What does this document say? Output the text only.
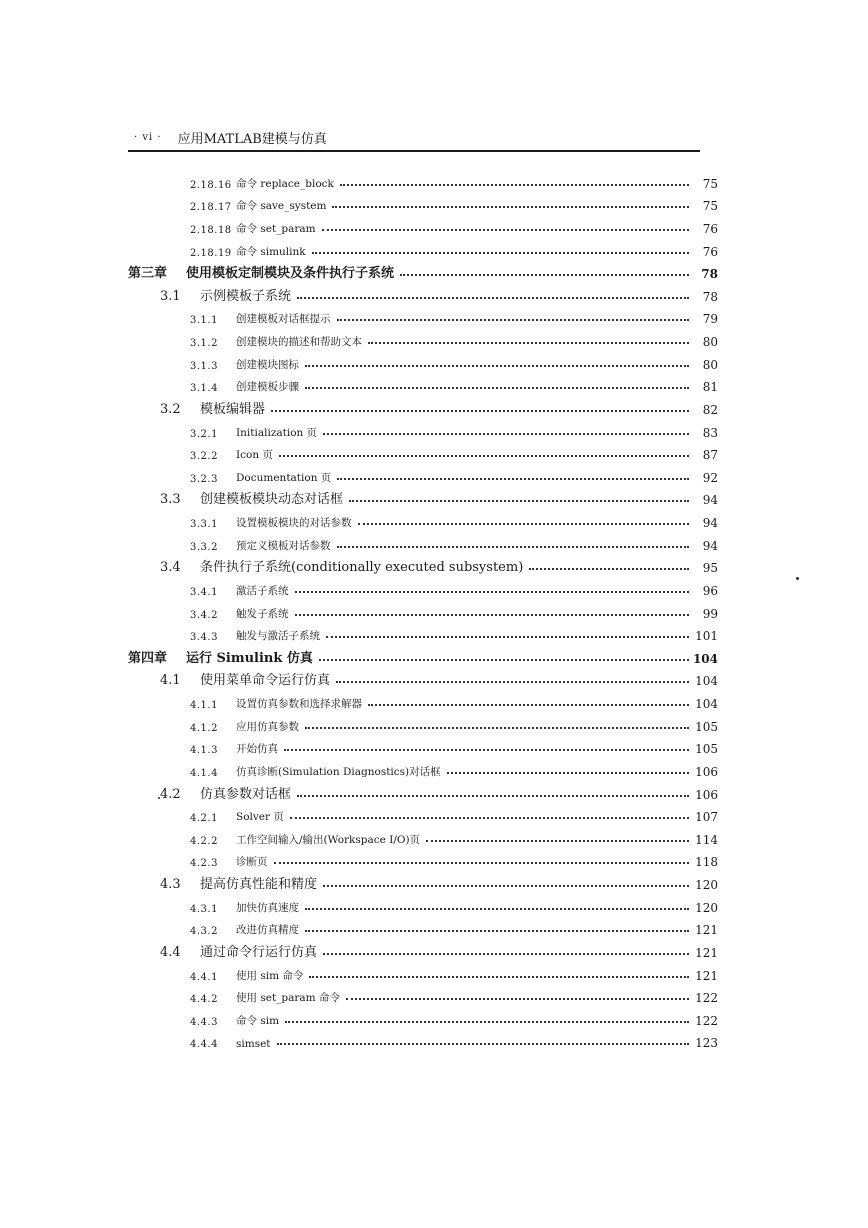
· vi · 应用MATLAB建模与仿真
2.18.16 命令 replace_block	75
2.18.17 命令 save_system	75
2.18.18 命令 set_param	76
2.18.19 命令 simulink	76
第三章	使用模板定制模块及条件执行子系统	78
3.1	示例模板子系统	78
3.1.1	创建模板对话框提示	79
3.1.2	创建模块的描述和帮助文本	80
3.1.3	创建模块图标	80
3.1.4	创建模板步骤	81
3.2	模板编辑器	82
3.2.1	Initialization 页	83
3.2.2	Icon 页	87
3.2.3	Documentation 页	92
3.3	创建模板模块动态对话框	94
3.3.1	设置模板模块的对话参数	94
3.3.2	预定义模板对话参数	94
3.4	条件执行子系统(conditionally executed subsystem)	95
3.4.1	激活子系统	96
3.4.2	触发子系统	99
3.4.3	触发与激活子系统	101
第四章	运行 Simulink 仿真	104
4.1	使用菜单命令运行仿真	104
4.1.1	设置仿真参数和选择求解器	104
4.1.2	应用仿真参数	105
4.1.3	开始仿真	105
4.1.4	仿真诊断(Simulation Diagnostics)对话框	106
4.2	仿真参数对话框	106
4.2.1	Solver 页	107
4.2.2	工作空间输入/输出(Workspace I/O)页	114
4.2.3	诊断页	118
4.3	提高仿真性能和精度	120
4.3.1	加快仿真速度	120
4.3.2	改进仿真精度	121
4.4	通过命令行运行仿真	121
4.4.1	使用 sim 命令	121
4.4.2	使用 set_param 命令	122
4.4.3	命令 sim	122
4.4.4	simset	123
